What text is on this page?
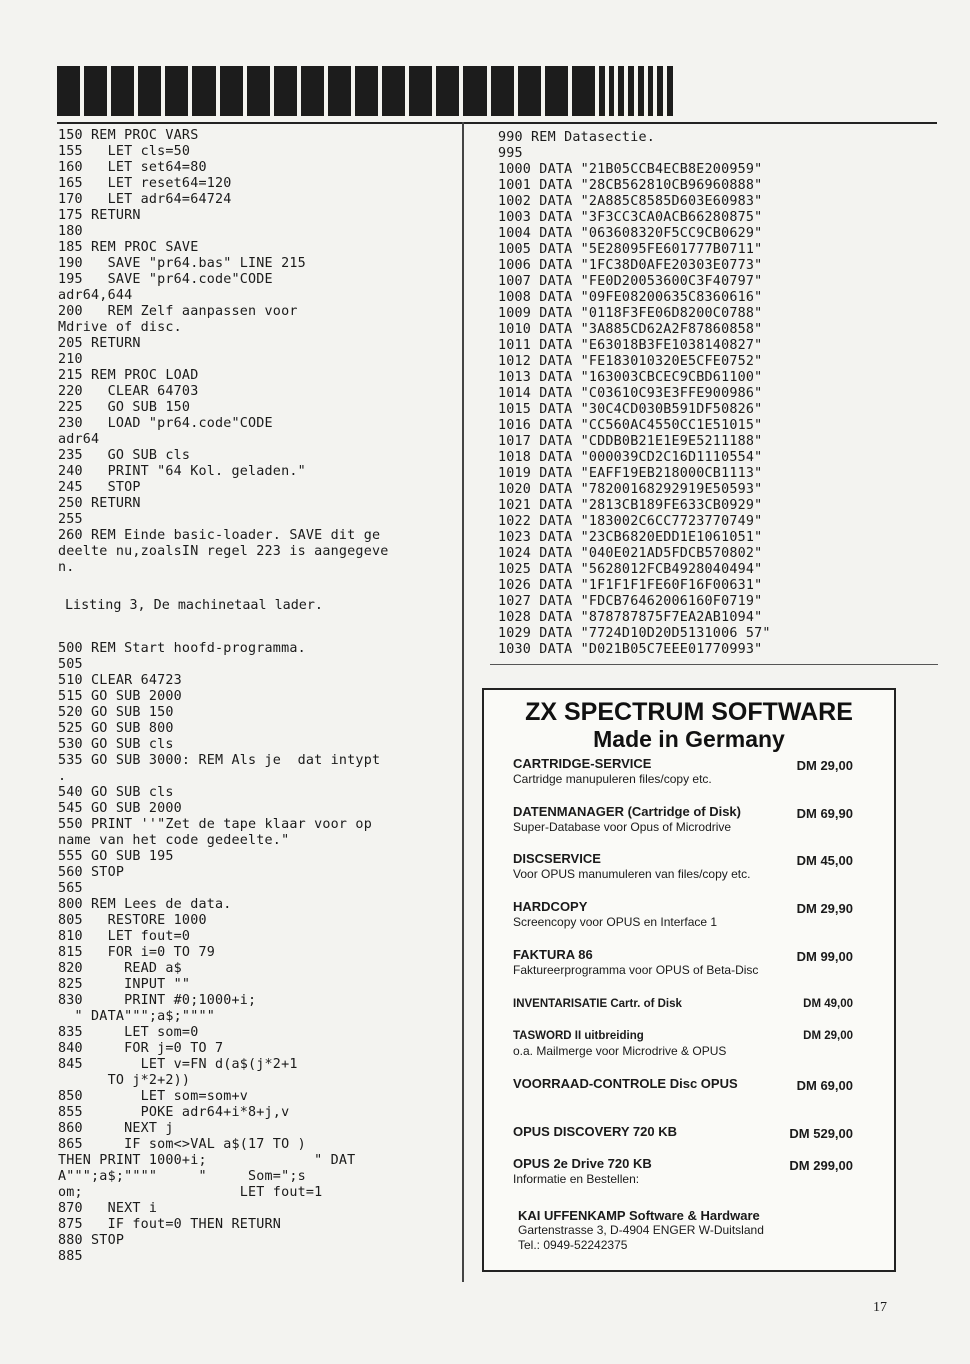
150 REM PROC VARS
155   LET cls=50
160   LET set64=80
165   LET reset64=120
170   LET adr64=64724
175 RETURN
180
185 REM PROC SAVE
190   SAVE "pr64.bas" LINE 215
195   SAVE "pr64.code"CODE
adr64,644
200   REM Zelf aanpassen voor
Mdrive of disc.
205 RETURN
210
215 REM PROC LOAD
220   CLEAR 64703
225   GO SUB 150
230   LOAD "pr64.code"CODE
adr64
235   GO SUB cls
240   PRINT "64 Kol. geladen."
245   STOP
250 RETURN
255
260 REM Einde basic-loader. SAVE dit ge
deelte nu,zoalsIN regel 223 is aangegeve
n.
Listing 3, De machinetaal lader.
500 REM Start hoofd-programma.
505
510 CLEAR 64723
515 GO SUB 2000
520 GO SUB 150
525 GO SUB 800
530 GO SUB cls
535 GO SUB 3000: REM Als je  dat intypt
.
540 GO SUB cls
545 GO SUB 2000
550 PRINT ''"Zet de tape klaar voor op
name van het code gedeelte."
555 GO SUB 195
560 STOP
565
800 REM Lees de data.
805   RESTORE 1000
810   LET fout=0
815   FOR i=0 TO 79
820     READ a$
825     INPUT ""
830     PRINT #0;1000+i;
" DATA""";a$;""""
835     LET som=0
840     FOR j=0 TO 7
845       LET v=FN d(a$(j*2+1
TO j*2+2))
850       LET som=som+v
855       POKE adr64+i*8+j,v
860     NEXT j
865     IF som<>VAL a$(17 TO )
THEN PRINT 1000+i;             " DAT
A""";a$;""""     "     Som=";s
om;                   LET fout=1
870   NEXT i
875   IF fout=0 THEN RETURN
880 STOP
885
990 REM Datasectie.
995
1000 DATA "21B05CCB4ECB8E200959"
1001 DATA "28CB562810CB96960888"
1002 DATA "2A885C8585D603E60983"
1003 DATA "3F3CC3CA0ACB66280875"
1004 DATA "063608320F5CC9CB0629"
1005 DATA "5E28095FE601777B0711"
1006 DATA "1FC38D0AFE20303E0773"
1007 DATA "FE0D20053600C3F40797"
1008 DATA "09FE08200635C8360616"
1009 DATA "0118F3FE06D8200C0788"
1010 DATA "3A885CD62A2F87860858"
1011 DATA "E63018B3FE1038140827"
1012 DATA "FE183010320E5CFE0752"
1013 DATA "163003CBCEC9CBD61100"
1014 DATA "C03610C93E3FFE900986"
1015 DATA "30C4CD030B591DF50826"
1016 DATA "CC560AC4550CC1E51015"
1017 DATA "CDDB0B21E1E9E5211188"
1018 DATA "000039CD2C16D1110554"
1019 DATA "EAFF19EB218000CB1113"
1020 DATA "78200168292919E50593"
1021 DATA "2813CB189FE633CB0929"
1022 DATA "183002C6CC7723770749"
1023 DATA "23CB6820EDD1E1061051"
1024 DATA "040E021AD5FDCB570802"
1025 DATA "5628012FCB4928040494"
1026 DATA "1F1F1F1FE60F16F00631"
1027 DATA "FDCB76462006160F0719"
1028 DATA "878787875F7EA2AB1094"
1029 DATA "7724D10D20D5131006 57"
1030 DATA "D021B05C7EEE01770993"
ZX SPECTRUM SOFTWARE
Made in Germany
CARTRIDGE-SERVICE
Cartridge manupuleren files/copy etc.
DM 29,00
DATENMANAGER (Cartridge of Disk)
Super-Database voor Opus of Microdrive
DM 69,90
DISCSERVICE
Voor OPUS manumuleren van files/copy etc.
DM 45,00
HARDCOPY
Screencopy voor OPUS en Interface 1
DM 29,90
FAKTURA 86
Faktureerprogramma voor OPUS of Beta-Disc
DM 99,00
INVENTARISATIE Cartr. of Disk	DM 49,00
TASWORD II uitbreiding
o.a. Mailmerge voor Microdrive & OPUS
DM 29,00
VOORRAAD-CONTROLE Disc OPUS	DM 69,00
OPUS DISCOVERY 720 KB	DM 529,00
OPUS 2e Drive 720 KB
Informatie en Bestellen:
DM 299,00
KAI UFFENKAMP Software & Hardware
Gartenstrasse 3, D-4904 ENGER W-Duitsland
Tel.: 0949-52242375
17
